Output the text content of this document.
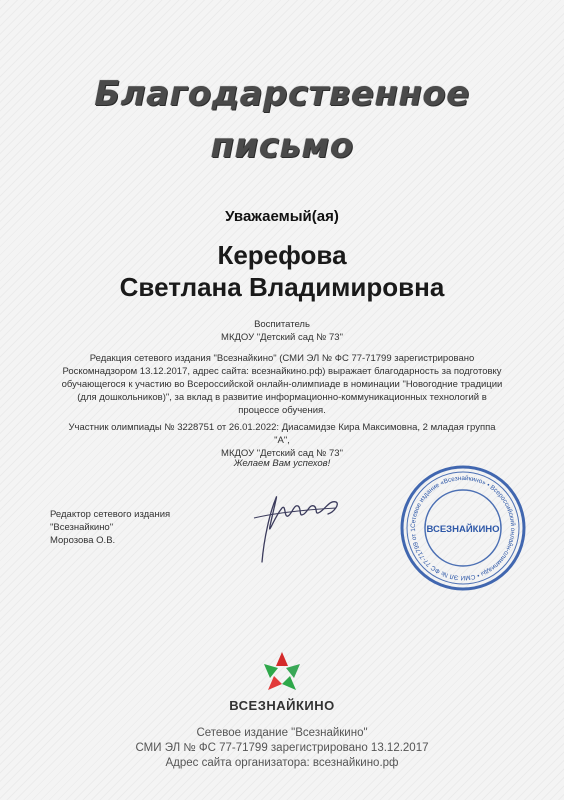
Благодарственное
письмо
Уважаемый(ая)
Керефова
Светлана Владимировна
Воспитатель
МКДОУ "Детский сад № 73"
Редакция сетевого издания "Всезнайкино" (СМИ ЭЛ № ФС 77-71799 зарегистрировано Роскомнадзором 13.12.2017, адрес сайта: всезнайкино.рф) выражает благодарность за подготовку обучающегося к участию во Всероссийской онлайн-олимпиаде в номинации "Новогодние традиции (для дошкольников)", за вклад в развитие информационно-коммуникационных технологий в процессе обучения.
Участник олимпиады № 3228751 от 26.01.2022: Диасамидзе Кира Максимовна, 2 младая группа "А",
МКДОУ "Детский сад № 73"
Желаем Вам успехов!
Редактор сетевого издания
"Всезнайкино"
Морозова О.В.
Сетевое издание «Всезнайкино» • Всероссийский онлайн-олимпиады • СМИ ЭЛ № ФС 77-71799 от 1 ВСЕЗНАЙКИНО
ВСЕЗНАЙКИНО
Сетевое издание "Всезнайкино"
СМИ ЭЛ № ФС 77-71799 зарегистрировано 13.12.2017
Адрес сайта организатора: всезнайкино.рф
